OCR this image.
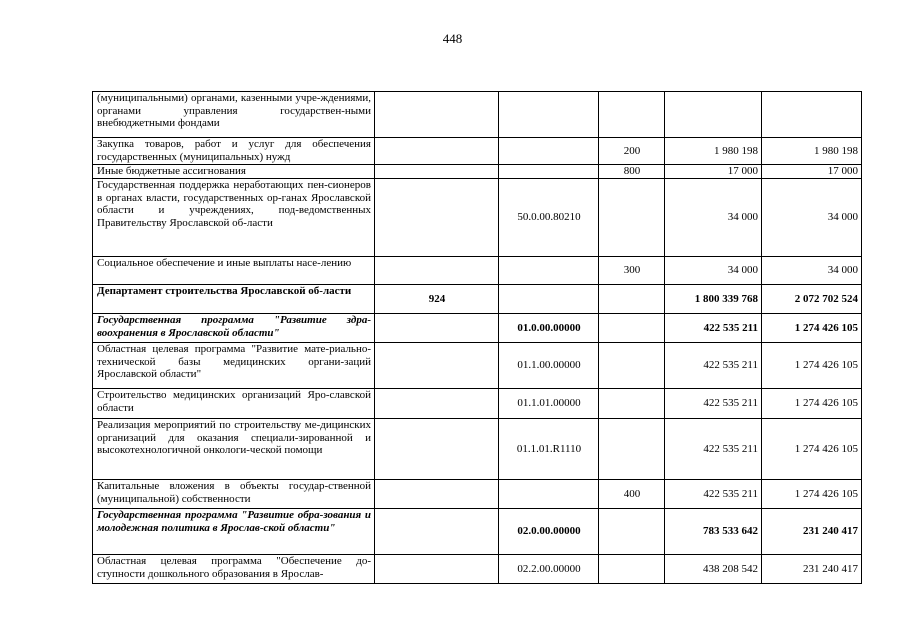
448
(муниципальными) органами, казенными учре-ждениями, органами управления государствен-ными внебюджетными фондами					
Закупка товаров, работ и услуг для обеспечения государственных (муниципальных) нужд			200	1 980 198	1 980 198
Иные бюджетные ассигнования			800	17 000	17 000
Государственная поддержка неработающих пен-сионеров в органах власти, государственных ор-ганах Ярославской области и учреждениях, под-ведомственных Правительству Ярославской об-ласти		50.0.00.80210		34 000	34 000
Социальное обеспечение и иные выплаты насе-лению			300	34 000	34 000
Департамент строительства Ярославской об-ласти	924			1 800 339 768	2 072 702 524
Государственная программа "Развитие здра-воохранения в Ярославской области"		01.0.00.00000		422 535 211	1 274 426 105
Областная целевая программа "Развитие мате-риально-технической базы медицинских органи-заций Ярославской области"		01.1.00.00000		422 535 211	1 274 426 105
Строительство медицинских организаций Яро-славской области		01.1.01.00000		422 535 211	1 274 426 105
Реализация мероприятий по строительству ме-дицинских организаций для оказания специали-зированной и высокотехнологичной онкологи-ческой помощи		01.1.01.R1110		422 535 211	1 274 426 105
Капитальные вложения в объекты государ-ственной (муниципальной) собственности			400	422 535 211	1 274 426 105
Государственная программа "Развитие обра-зования и молодежная политика в Ярослав-ской области"		02.0.00.00000		783 533 642	231 240 417
Областная целевая программа "Обеспечение до-ступности дошкольного образования в Ярослав-		02.2.00.00000		438 208 542	231 240 417
